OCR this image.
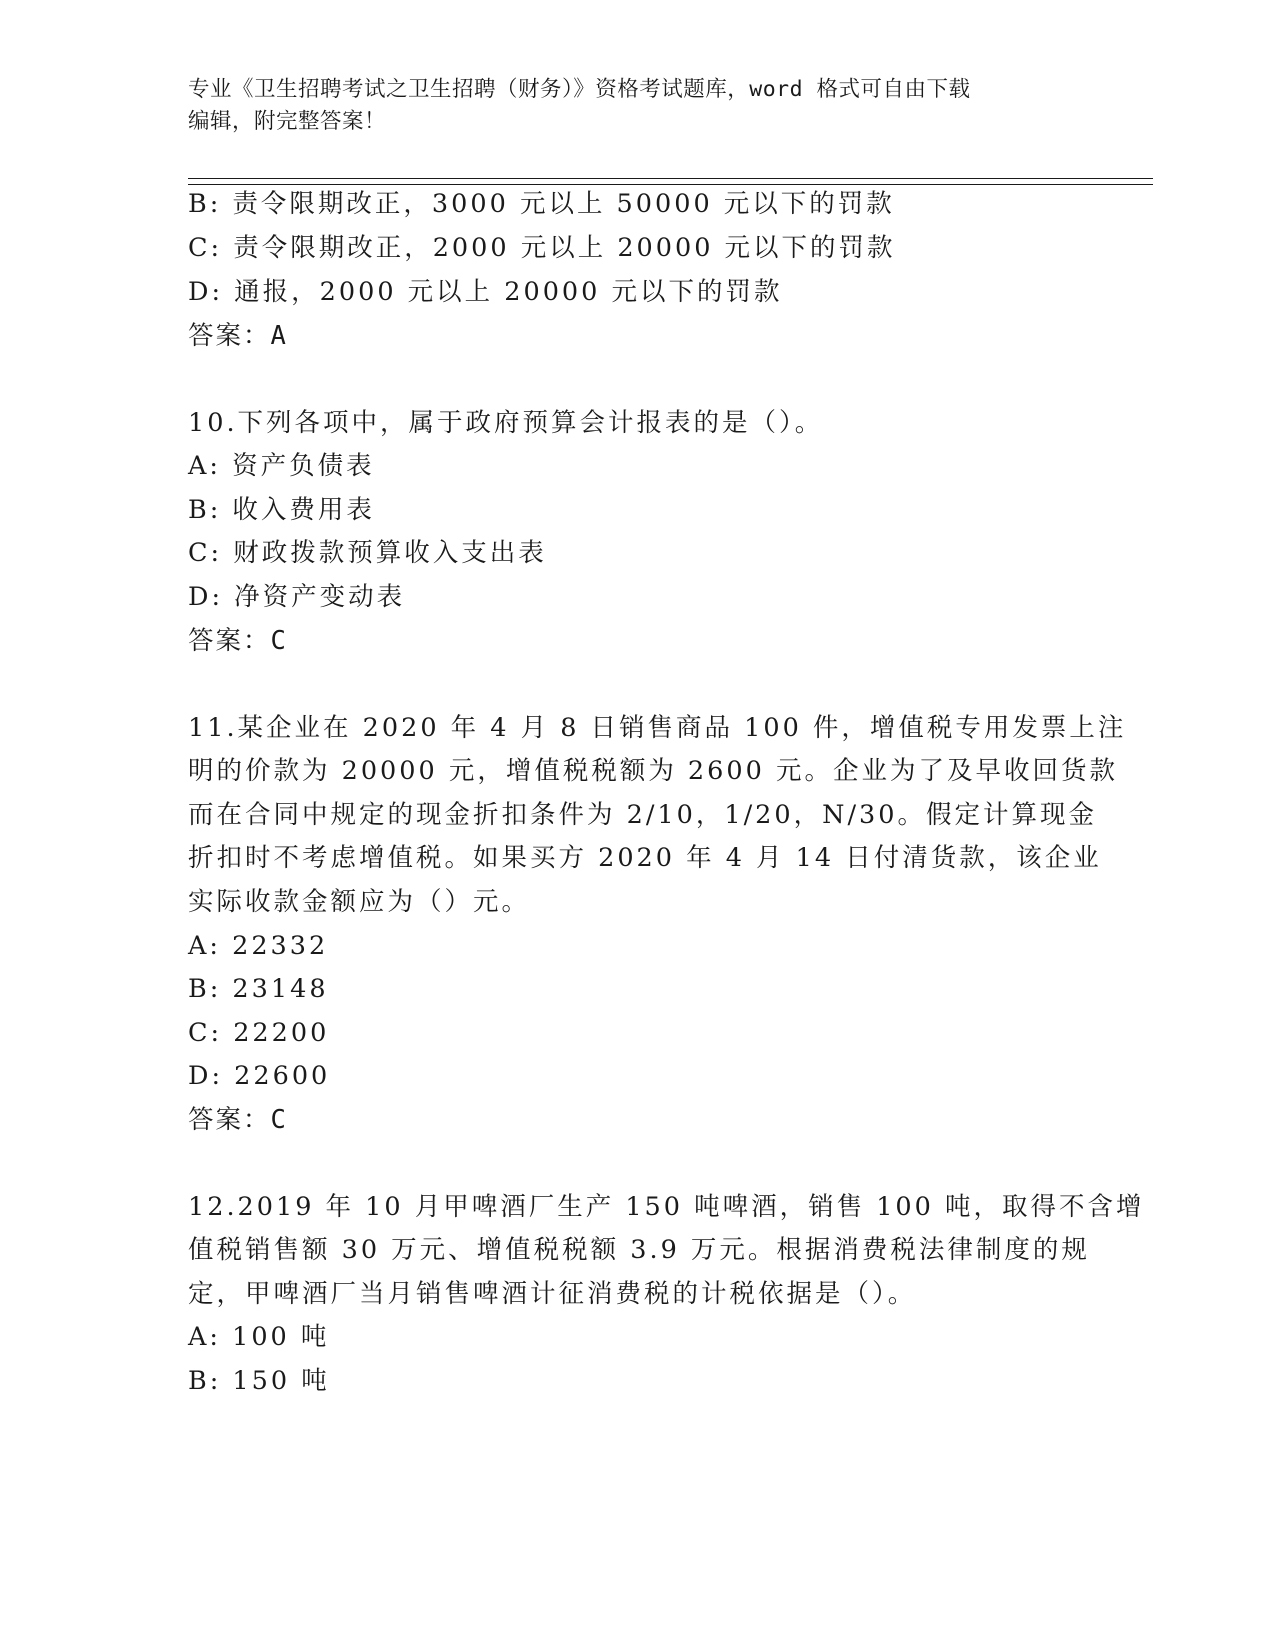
专业《卫生招聘考试之卫生招聘（财务）》资格考试题库，word 格式可自由下载
编辑，附完整答案！
B: 责令限期改正，3000 元以上 50000 元以下的罚款
C: 责令限期改正，2000 元以上 20000 元以下的罚款
D: 通报，2000 元以上 20000 元以下的罚款
答案：A
10.下列各项中，属于政府预算会计报表的是（）。
A: 资产负债表
B: 收入费用表
C: 财政拨款预算收入支出表
D: 净资产变动表
答案：C
11.某企业在 2020 年 4 月 8 日销售商品 100 件，增值税专用发票上注
明的价款为 20000 元，增值税税额为 2600 元。企业为了及早收回货款
而在合同中规定的现金折扣条件为 2/10，1/20，N/30。假定计算现金
折扣时不考虑增值税。如果买方 2020 年 4 月 14 日付清货款，该企业
实际收款金额应为（）元。
A: 22332
B: 23148
C: 22200
D: 22600
答案：C
12.2019 年 10 月甲啤酒厂生产 150 吨啤酒，销售 100 吨，取得不含增
值税销售额 30 万元、增值税税额 3.9 万元。根据消费税法律制度的规
定，甲啤酒厂当月销售啤酒计征消费税的计税依据是（）。
A: 100 吨
B: 150 吨
